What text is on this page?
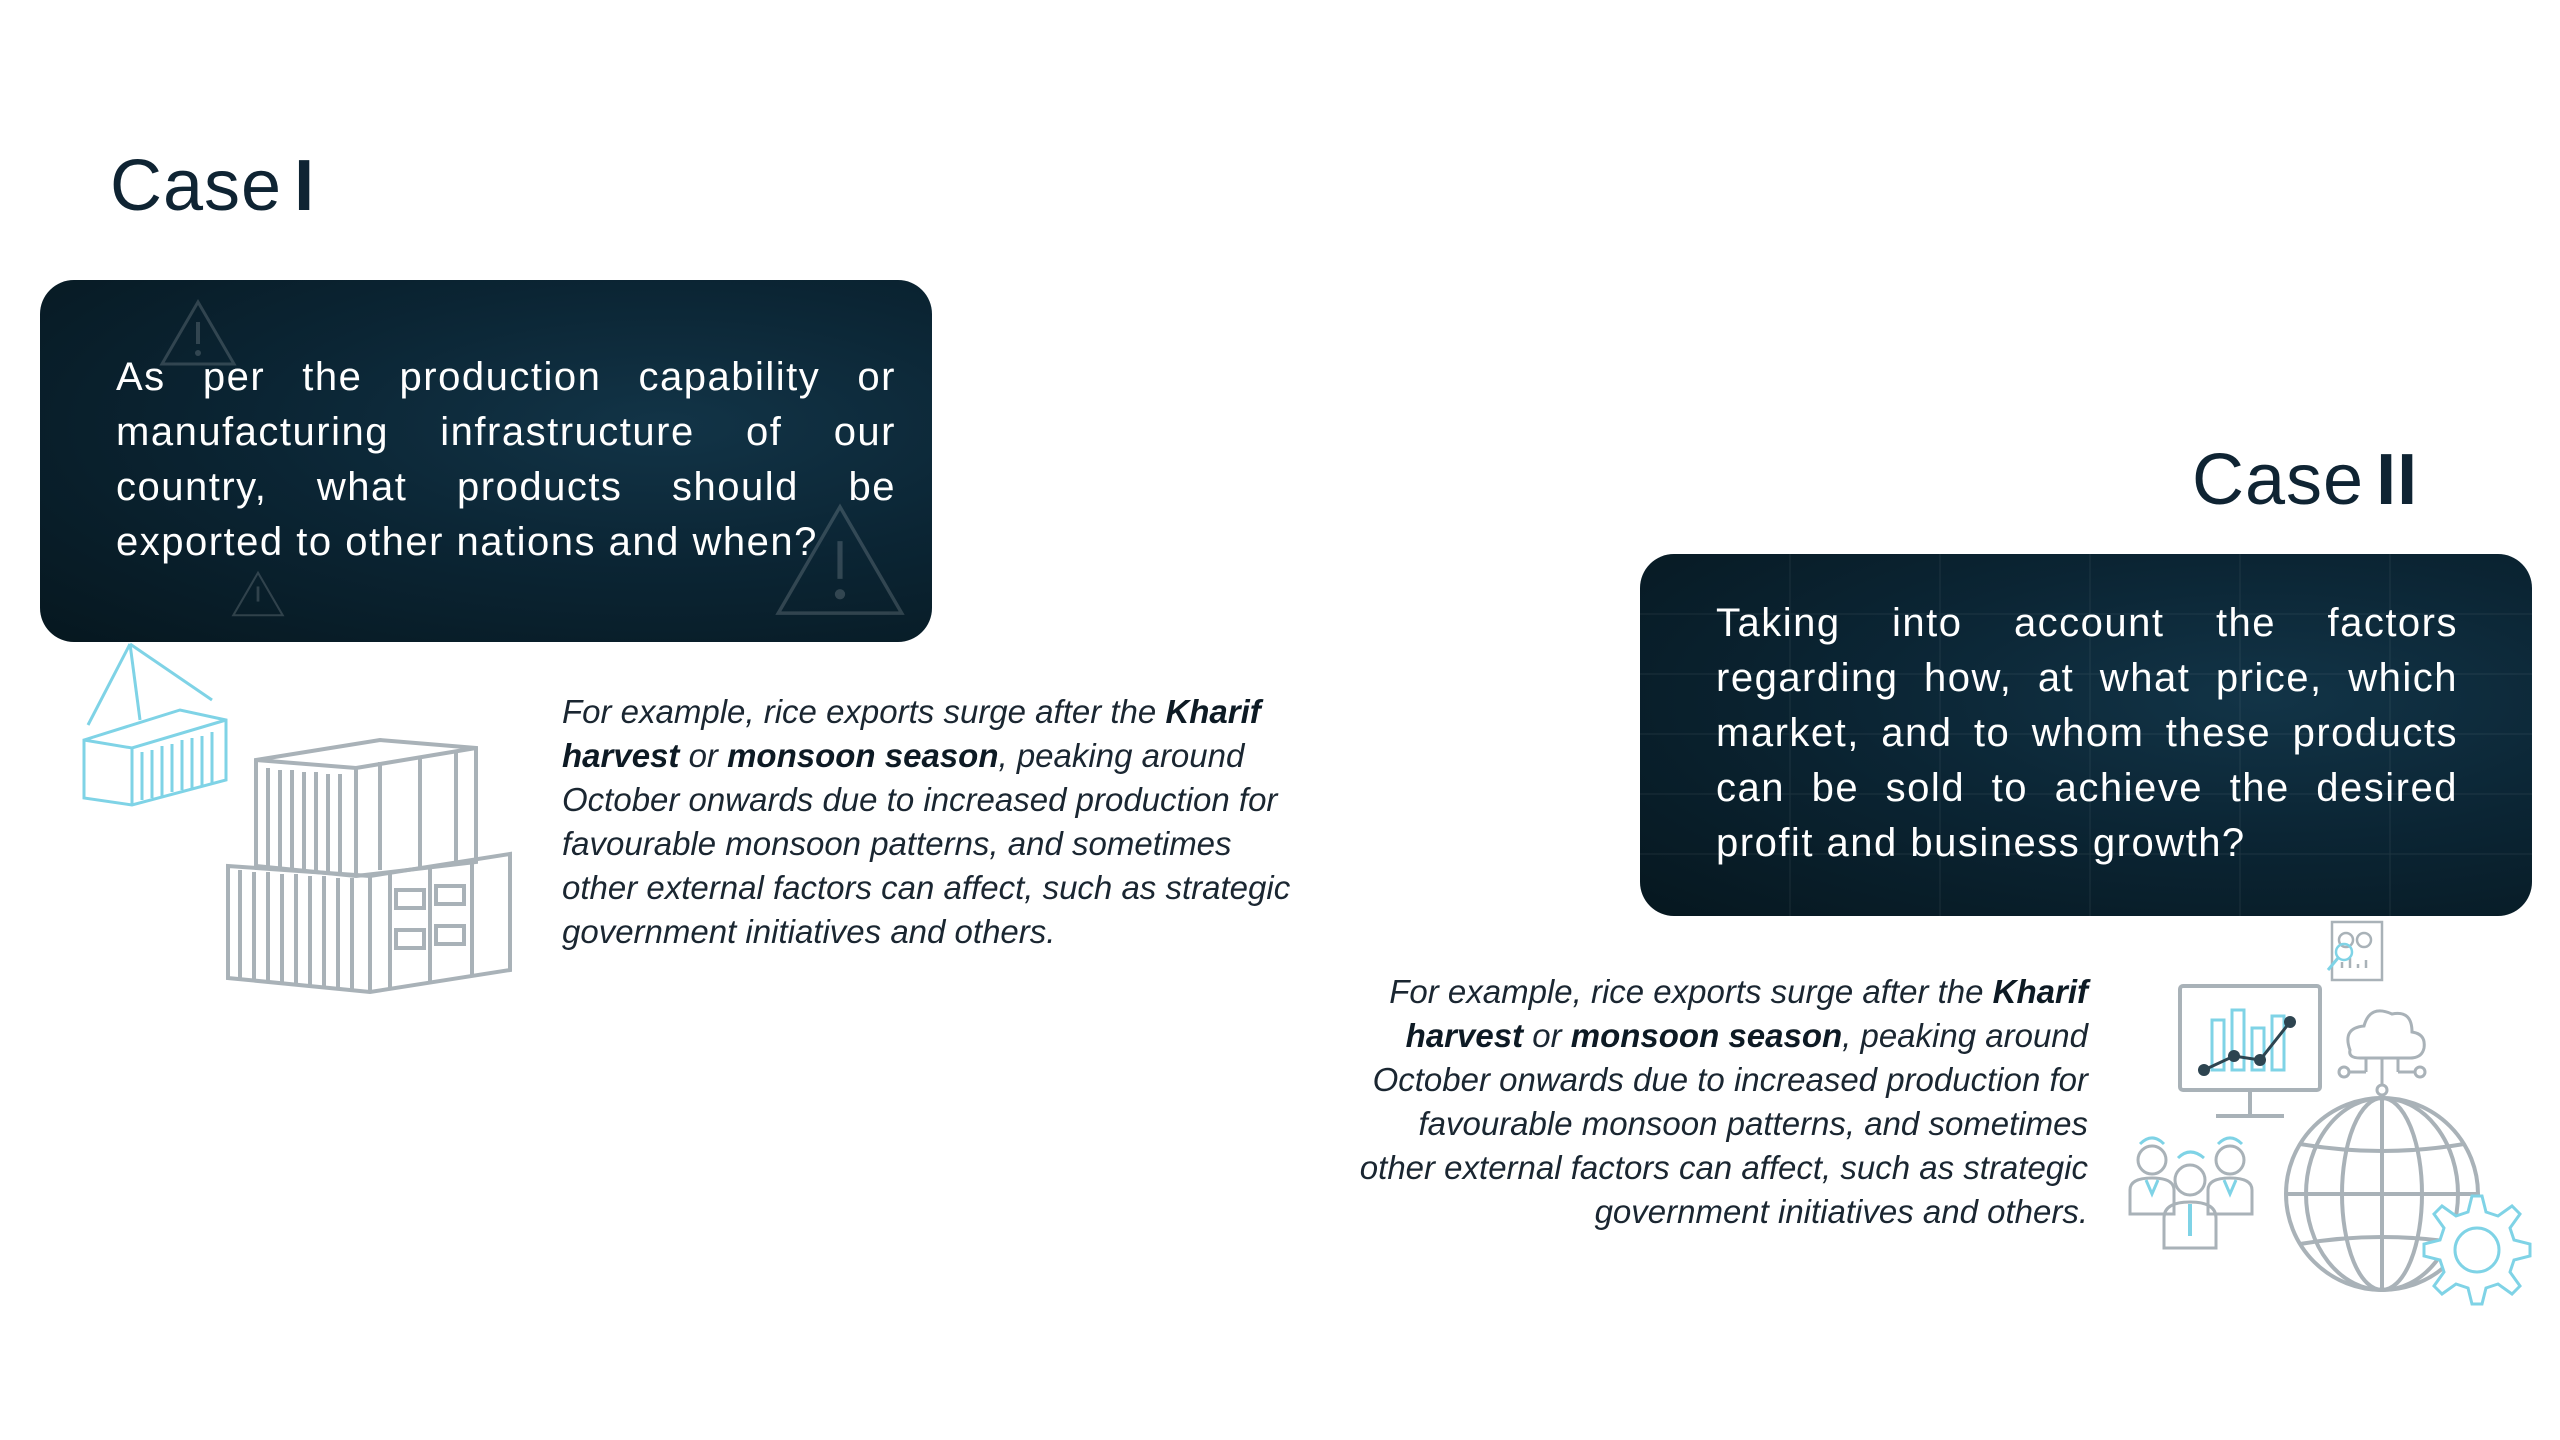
Case I
As per the production capability or manufacturing infrastructure of our country, what products should be exported to other nations and when?

For example, rice exports surge after the Kharif harvest or monsoon season, peaking around October onwards due to increased production for favourable monsoon patterns, and sometimes other external factors can affect, such as strategic government initiatives and others.

Case II
Taking into account the factors regarding how, at what price, which market, and to whom these products can be sold to achieve the desired profit and business growth?

For example, rice exports surge after the Kharif harvest or monsoon season, peaking around October onwards due to increased production for favourable monsoon patterns, and sometimes other external factors can affect, such as strategic government initiatives and others.
